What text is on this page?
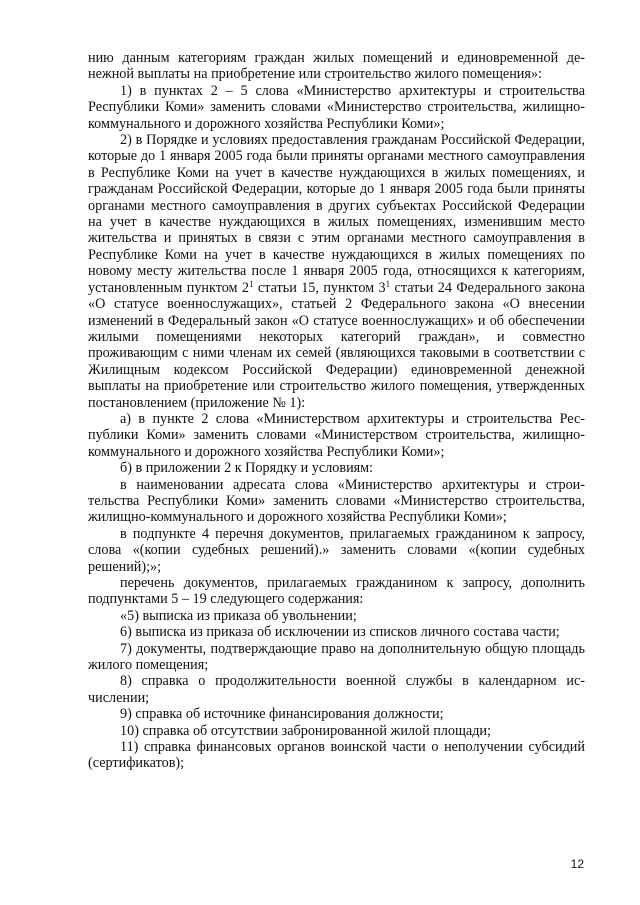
нию данным категориям граждан жилых помещений и единовременной денежной выплаты на приобретение или строительство жилого помещения»:

1) в пунктах 2 – 5 слова «Министерство архитектуры и строительства Республики Коми» заменить словами «Министерство строительства, жилищно-коммунального и дорожного хозяйства Республики Коми»;

2) в Порядке и условиях предоставления гражданам Российской Федерации, которые до 1 января 2005 года были приняты органами местного самоуправления в Республике Коми на учет в качестве нуждающихся в жилых помещениях, и гражданам Российской Федерации, которые до 1 января 2005 года были приняты органами местного самоуправления в других субъектах Российской Федерации на учет в качестве нуждающихся в жилых помещениях, изменившим место жительства и принятых в связи с этим органами местного самоуправления в Республике Коми на учет в качестве нуждающихся в жилых помещениях по новому месту жительства после 1 января 2005 года, относящихся к категориям, установленным пунктом $2^1$ статьи 15, пунктом $3^1$ статьи 24 Федерального закона «О статусе военнослужащих», статьей 2 Федерального закона «О внесении изменений в Федеральный закон «О статусе военнослужащих» и об обеспечении жилыми помещениями некоторых категорий граждан», и совместно проживающим с ними членам их семей (являющихся таковыми в соответствии с Жилищным кодексом Российской Федерации) единовременной денежной выплаты на приобретение или строительство жилого помещения, утвержденных постановлением (приложение № 1):

а) в пункте 2 слова «Министерством архитектуры и строительства Республики Коми» заменить словами «Министерством строительства, жилищно-коммунального и дорожного хозяйства Республики Коми»;

б) в приложении 2 к Порядку и условиям:

в наименовании адресата слова «Министерство архитектуры и строительства Республики Коми» заменить словами «Министерство строительства, жилищно-коммунального и дорожного хозяйства Республики Коми»;

в подпункте 4 перечня документов, прилагаемых гражданином к запросу, слова «(копии судебных решений).» заменить словами «(копии судебных решений);»;

перечень документов, прилагаемых гражданином к запросу, дополнить подпунктами 5 – 19 следующего содержания:

«5) выписка из приказа об увольнении;

6) выписка из приказа об исключении из списков личного состава части;

7) документы, подтверждающие право на дополнительную общую площадь жилого помещения;

8) справка о продолжительности военной службы в календарном исчислении;

9) справка об источнике финансирования должности;

10) справка об отсутствии забронированной жилой площади;

11) справка финансовых органов воинской части о неполучении субсидий (сертификатов);

12
